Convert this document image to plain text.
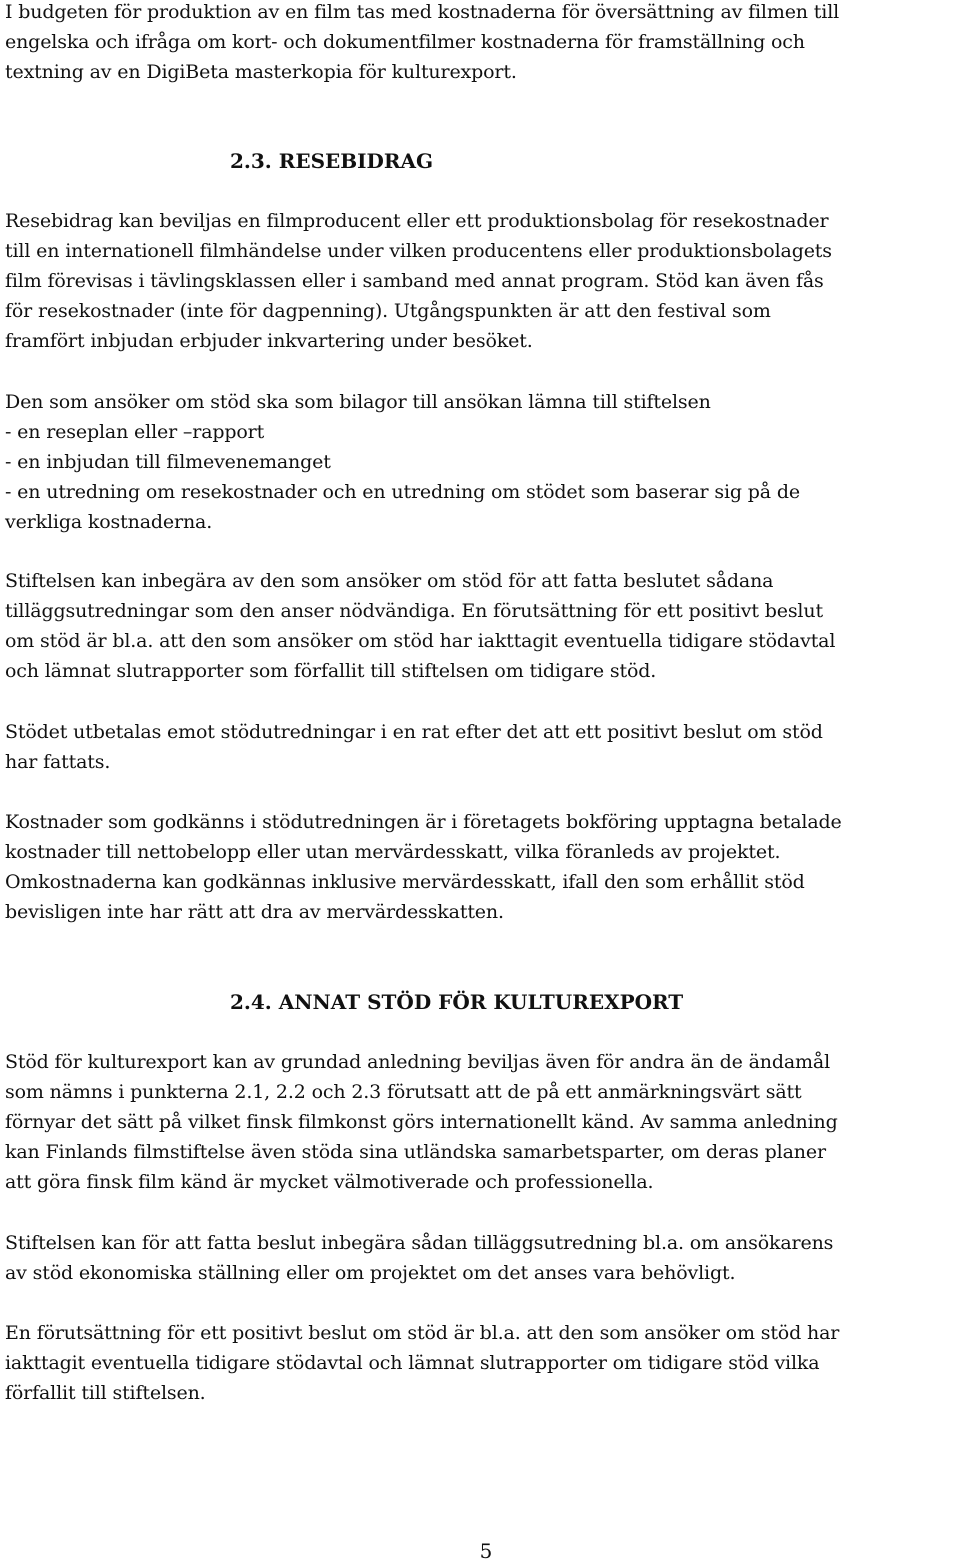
I budgeten för produktion av en film tas med kostnaderna för översättning av filmen till
engelska och ifråga om kort- och dokumentfilmer kostnaderna för framställning och
textning av en DigiBeta masterkopia för kulturexport.

2.3. RESEBIDRAG

Resebidrag kan beviljas en filmproducent eller ett produktionsbolag för resekostnader
till en internationell filmhändelse under vilken producentens eller produktionsbolagets
film förevisas i tävlingsklassen eller i samband med annat program. Stöd kan även fås
för resekostnader (inte för dagpenning). Utgångspunkten är att den festival som
framfört inbjudan erbjuder inkvartering under besöket.

Den som ansöker om stöd ska som bilagor till ansökan lämna till stiftelsen
- en reseplan eller –rapport
- en inbjudan till filmevenemanget
- en utredning om resekostnader och en utredning om stödet som baserar sig på de
verkliga kostnaderna.

Stiftelsen kan inbegära av den som ansöker om stöd för att fatta beslutet sådana
tilläggsutredningar som den anser nödvändiga. En förutsättning för ett positivt beslut
om stöd är bl.a. att den som ansöker om stöd har iakttagit eventuella tidigare stödavtal
och lämnat slutrapporter som förfallit till stiftelsen om tidigare stöd.

Stödet utbetalas emot stödutredningar i en rat efter det att ett positivt beslut om stöd
har fattats.

Kostnader som godkänns i stödutredningen är i företagets bokföring upptagna betalade
kostnader till nettobelopp eller utan mervärdesskatt, vilka föranleds av projektet.
Omkostnaderna kan godkännas inklusive mervärdesskatt, ifall den som erhållit stöd
bevisligen inte har rätt att dra av mervärdesskatten.

2.4. ANNAT STÖD FÖR KULTUREXPORT

Stöd för kulturexport kan av grundad anledning beviljas även för andra än de ändamål
som nämns i punkterna 2.1, 2.2 och 2.3 förutsatt att de på ett anmärkningsvärt sätt
förnyar det sätt på vilket finsk filmkonst görs internationellt känd. Av samma anledning
kan Finlands filmstiftelse även stöda sina utländska samarbetsparter, om deras planer
att göra finsk film känd är mycket välmotiverade och professionella.

Stiftelsen kan för att fatta beslut inbegära sådan tilläggsutredning bl.a. om ansökarens
av stöd ekonomiska ställning eller om projektet om det anses vara behövligt.

En förutsättning för ett positivt beslut om stöd är bl.a. att den som ansöker om stöd har
iakttagit eventuella tidigare stödavtal och lämnat slutrapporter om tidigare stöd vilka
förfallit till stiftelsen.

5
